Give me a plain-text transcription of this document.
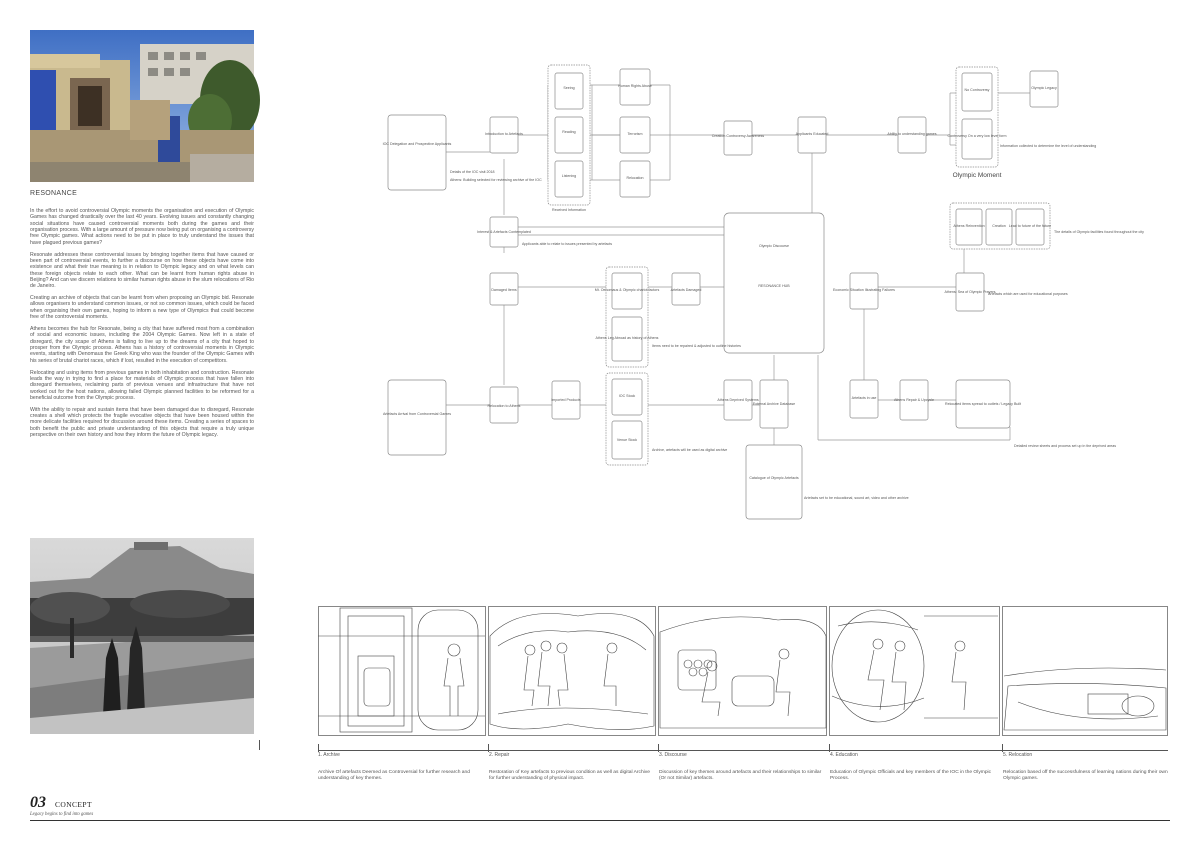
RESONANCE

In the effort to avoid controversial Olympic moments the organisation and execution of Olympic Games has changed drastically over the last 40 years. Evolving issues and constantly changing social situations have caused controversial moments both during the games and their organisation process. With a large amount of pressure now being put on organising a controversy free Olympic games. What actions need to be put in place to truly understand the issues that have plagued previous games?

Resonate addresses these controversial issues by bringing together items that have caused or been part of controversial events, to further a discourse on how these objects have come into existence and what their true meaning is in relation to Olympic legacy and on what levels can these foreign objects relate to each other. What can be learnt from human rights abuse in Beijing? And can we discern relations to similar human rights abuse in the slum relocations of Rio de Janeiro.

Creating an archive of objects that can be learnt from when proposing an Olympic bid. Resonate allows organisers to understand common issues, or not so common issues, which could be faced when organising their own games, hoping to inform a new type of Olympics that could become free of the controversial moments.

Athens becomes the hub for Resonate, being a city that have suffered most from a combination of social and economic issues, including the 2004 Olympic Games. Now left in a state of disregard, the city scape of Athens is failing to live up to the dreams of a city that hoped to prosper from the Olympic process. Athens has a history of controversial moments in Olympic events, starting with Oenomaus the Greek King who was the founder of the Olympic Games with his series of brutal chariot races, which if lost, resulted in the execution of competitors.

Relocating and using items from previous games in both inhabitation and construction. Resonate leads the way in trying to find a place for materials of Olympic process that have fallen into disregard themselves, reclaiming parts of previous venues and infrastructure that have not worked out for the host nations, allowing failed Olympic planned facilities to be reformed for a beneficial outcome from the Olympic process.

With the ability to repair and sustain items that have been damaged due to disregard, Resonate creates a shell which protects the fragile evocative objects that have been housed within the more delicate facilities required for discussion around these items. Creating a series of spaces to both benefit the public and private understanding of this objects that require a truly unique perspective on their own history and how they inform the future of Olympic legacy.

IOC Delegation and Prospective Applicants
Introduction to Artefacts
Interest & Artefacts Contemplated
Seeing
Reading
Listening
Received Information
Human Rights Abuse
Terrorism
Relocation
Creation Controversy Awareness	Applicants Educated	Ability to understanding games
No Controversy
Controversy On a very low level form
Olympic Legacy
Olympic Moment
Olympic Discourse
RESONANCE HUB
Athens Reinvention Creation Lead to future of the future
Athens: Sea of Olympic Prayers
Damaged Items	Mt. Oenomaus & Olympic chariot factors
Athens Leg Abroad as history of Athens
Artefacts Damaged	Economic Situation Illustrating Failures
Artefacts Arrival from Controversial Games
Relocation to Athens
Imported Products
IOC Stock
Venue Stock
Athens Deprived Systems
External Archive Database
Catalogue of Olympic Artefacts
Artefacts in use	Athens Repair & Upcycle
Relocated items spread to outlets / Legacy Built
Details of the IOC visit 2018
Athens: Building selected for reviewing archive of the IOC
Applicants able to relate to issues presented by artefacts
Information collected to determine the level of understanding
Items need to be repaired & adjusted to outline histories
Archive, artefacts will be used as digital archive
Artefacts set to be educational, sound art, video and other archive
Artefacts which are used for educational purposes
The details of Olympic facilities found throughout the city
Detailed review sheets and process set up in the deprived areas
1. Archive	2. Repair	3. Discourse	4. Education	5. Relocation
Archive Of artefacts Deemed as Controversial for further research and understanding of key themes.
Restoration of Key artefacts to previous condition as well as digital Archive for further understanding of physical impact.
Discussion of key themes around artefacts and their relationships to similar (Or not Similar) artefacts.
Education of Olympic Officials and key members of the IOC in the Olympic Process.
Relocation based off the successfulness of learning nations during their own Olympic games.
03 CONCEPT
Legacy begins to find into games
